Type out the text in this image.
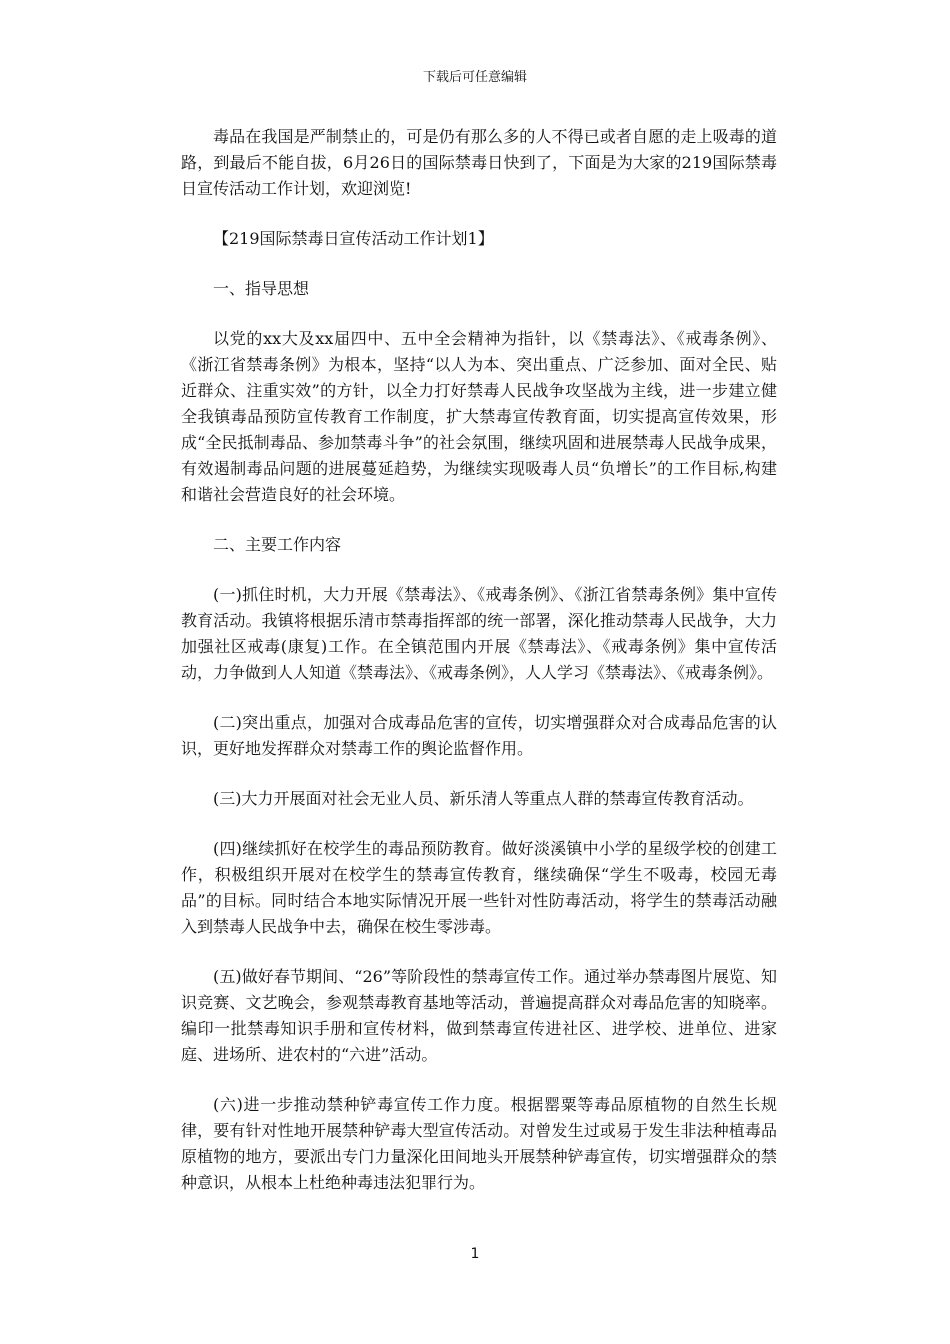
下载后可任意编辑

毒品在我国是严制禁止的，可是仍有那么多的人不得已或者自愿的走上吸毒的道路，到最后不能自拔，6月26日的国际禁毒日快到了，下面是为大家的219国际禁毒日宣传活动工作计划，欢迎浏览!

【219国际禁毒日宣传活动工作计划1】

一、指导思想

以党的xx大及xx届四中、五中全会精神为指针，以《禁毒法》、《戒毒条例》、《浙江省禁毒条例》为根本，坚持“以人为本、突出重点、广泛参加、面对全民、贴近群众、注重实效”的方针，以全力打好禁毒人民战争攻坚战为主线，进一步建立健全我镇毒品预防宣传教育工作制度，扩大禁毒宣传教育面，切实提高宣传效果，形成“全民抵制毒品、参加禁毒斗争”的社会氛围，继续巩固和进展禁毒人民战争成果，有效遏制毒品问题的进展蔓延趋势，为继续实现吸毒人员“负增长”的工作目标,构建和谐社会营造良好的社会环境。

二、主要工作内容

(一)抓住时机，大力开展《禁毒法》、《戒毒条例》、《浙江省禁毒条例》集中宣传教育活动。我镇将根据乐清市禁毒指挥部的统一部署，深化推动禁毒人民战争，大力加强社区戒毒(康复)工作。在全镇范围内开展《禁毒法》、《戒毒条例》集中宣传活动，力争做到人人知道《禁毒法》、《戒毒条例》，人人学习《禁毒法》、《戒毒条例》。

(二)突出重点，加强对合成毒品危害的宣传，切实增强群众对合成毒品危害的认识，更好地发挥群众对禁毒工作的舆论监督作用。

(三)大力开展面对社会无业人员、新乐清人等重点人群的禁毒宣传教育活动。

(四)继续抓好在校学生的毒品预防教育。做好淡溪镇中小学的星级学校的创建工作，积极组织开展对在校学生的禁毒宣传教育，继续确保“学生不吸毒，校园无毒品”的目标。同时结合本地实际情况开展一些针对性防毒活动，将学生的禁毒活动融入到禁毒人民战争中去，确保在校生零涉毒。

(五)做好春节期间、“26”等阶段性的禁毒宣传工作。通过举办禁毒图片展览、知识竞赛、文艺晚会，参观禁毒教育基地等活动，普遍提高群众对毒品危害的知晓率。编印一批禁毒知识手册和宣传材料，做到禁毒宣传进社区、进学校、进单位、进家庭、进场所、进农村的“六进”活动。

(六)进一步推动禁种铲毒宣传工作力度。根据罂粟等毒品原植物的自然生长规律，要有针对性地开展禁种铲毒大型宣传活动。对曾发生过或易于发生非法种植毒品原植物的地方，要派出专门力量深化田间地头开展禁种铲毒宣传，切实增强群众的禁种意识，从根本上杜绝种毒违法犯罪行为。

1
